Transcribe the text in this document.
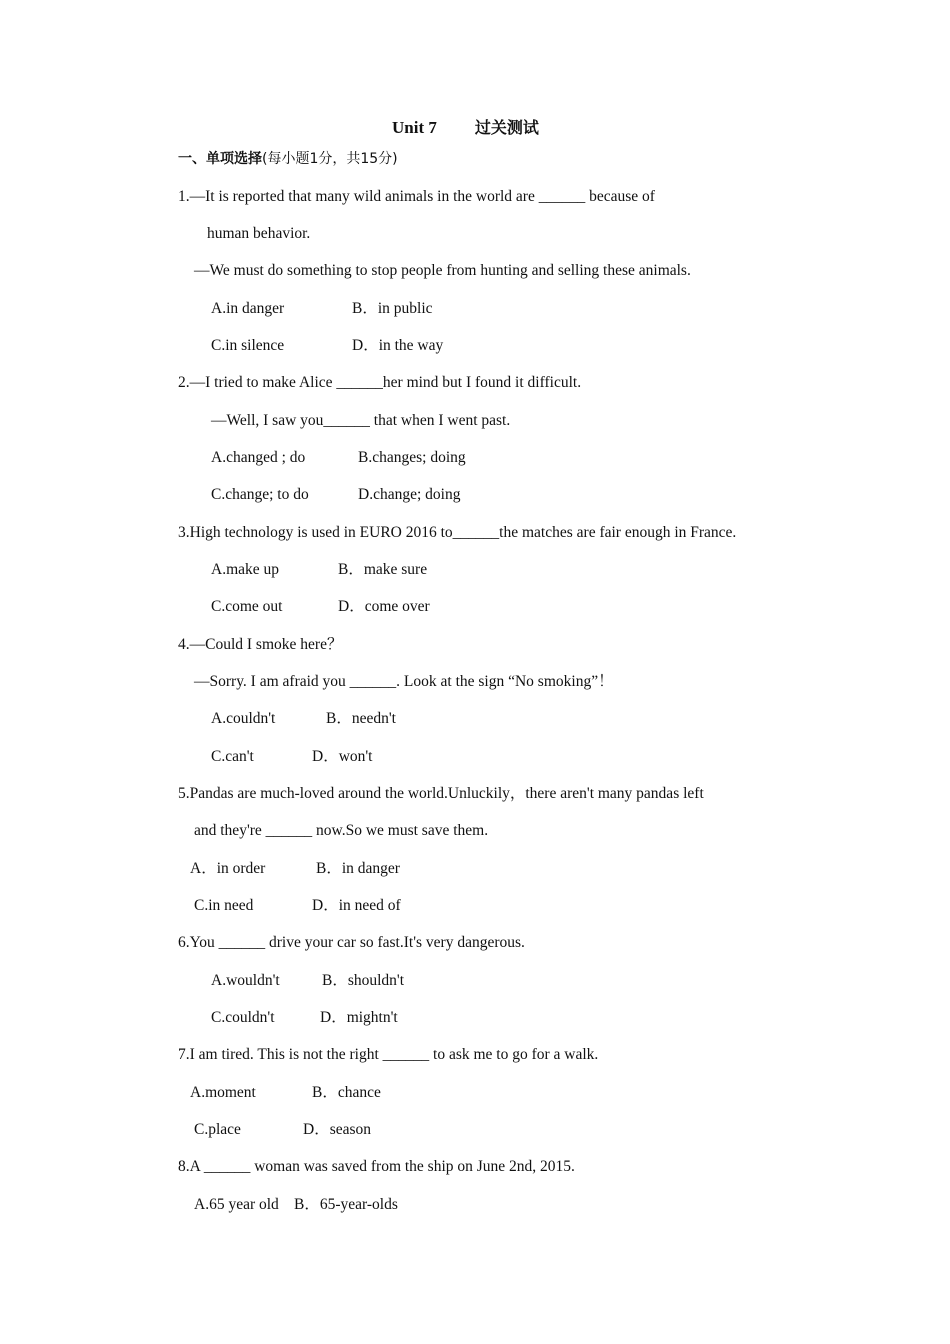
Unit 7 过关测试
一、单项选择(每小题1分，共15分)
1.—It is reported that many wild animals in the world are ______ because of
human behavior.
—We must do something to stop people from hunting and selling these animals.
A.in danger	B．in public
C.in silence	D．in the way
2.—I tried to make Alice ______her mind but I found it difficult.
—Well, I saw you______ that when I went past.
A.changed ; do	B.changes; doing
C.change; to do	D.change; doing
3.High technology is used in EURO 2016 to______the matches are fair enough in France.
A.make up	B．make sure
C.come out	D．come over
4.—Could I smoke here？
—Sorry. I am afraid you ______. Look at the sign “No smoking”！
A.couldn't	B．needn't
C.can't	D．won't
5.Pandas are much-loved around the world.Unluckily，there aren't many pandas left
and they're ______ now.So we must save them.
A．in order	B．in danger
C.in need	D．in need of
6.You ______ drive your car so fast.It's very dangerous.
A.wouldn't	B．shouldn't
C.couldn't	D．mightn't
7.I am tired. This is not the right ______ to ask me to go for a walk.
A.moment	B．chance
C.place	D．season
8.A ______ woman was saved from the ship on June 2nd, 2015.
A.65 year old B．65-year-olds
